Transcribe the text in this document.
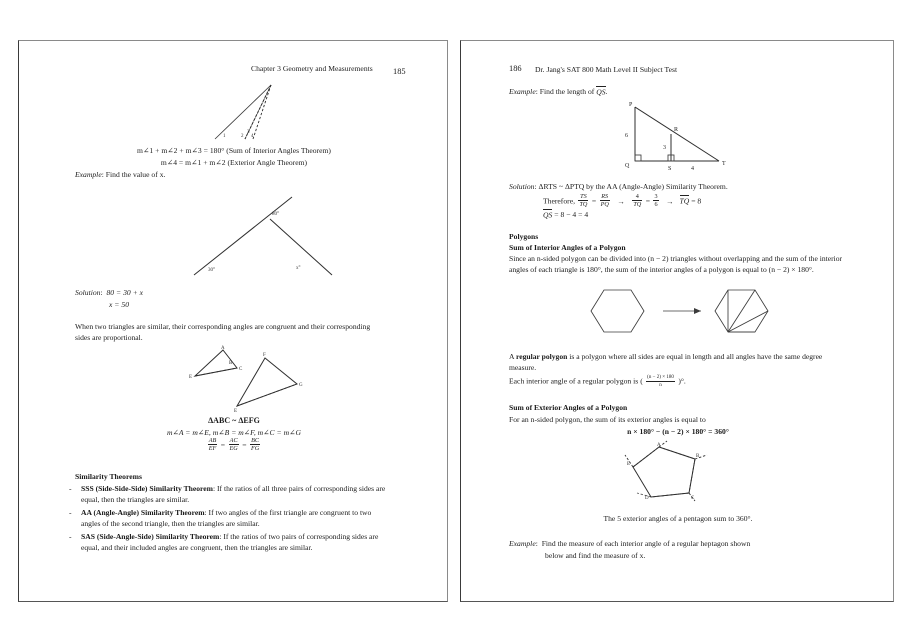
Chapter 3 Geometry and Measurements 185
1	2
3
4
m∠1 + m∠2 + m∠3 = 180° (Sum of Interior Angles Theorem)
m∠4 = m∠1 + m∠2 (Exterior Angle Theorem)
Example: Find the value of x.
30°
80°
x°
Solution:  80 = 30 + x
x = 50
When two triangles are similar, their corresponding angles are congruent and their corresponding sides are proportional.
A
B
C
E
F
G
E
ΔABC ~ ΔEFG
m∠A = m∠E, m∠B = m∠F, m∠C = m∠G
$\frac{AB}{EF} = \frac{AC}{EG} = \frac{BC}{FG}$
Similarity Theorems
- SSS (Side-Side-Side) Similarity Theorem: If the ratios of all three pairs of corresponding sides are equal, then the triangles are similar.
- AA (Angle-Angle) Similarity Theorem: If two angles of the first triangle are congruent to two angles of the second triangle, then the triangles are similar.
- SAS (Side-Angle-Side) Similarity Theorem: If the ratios of two pairs of corresponding sides are equal, and their included angles are congruent, then the triangles are similar.
186 Dr. Jang's SAT 800 Math Level II Subject Test
Example: Find the length of QS.
P
R
Q	S
T
6
3
4
Solution: ΔRTS ~ ΔPTQ by the AA (Angle-Angle) Similarity Theorem.
Therefore, $\frac{TS}{TQ} = \frac{RS}{PQ} \to \frac{4}{TQ} = \frac{3}{6}$ → TQ = 8
QS = 8 − 4 = 4
Polygons
Sum of Interior Angles of a Polygon
Since an n-sided polygon can be divided into (n − 2) triangles without overlapping and the sum of the interior angles of each triangle is 180°, the sum of the interior angles of a polygon is equal to (n − 2) × 180°.
A regular polygon is a polygon where all sides are equal in length and all angles have the same degree measure.
Each interior angle of a regular polygon is ( $\frac{(n - 2) \times 180}{n}$ )°.
Sum of Exterior Angles of a Polygon
For an n-sided polygon, the sum of its exterior angles is equal to
n × 180° − (n − 2) × 180° = 360°
A
B
C
D
E
The 5 exterior angles of a pentagon sum to 360°.
Example:  Find the measure of each interior angle of a regular heptagon shown
below and find the measure of x.
